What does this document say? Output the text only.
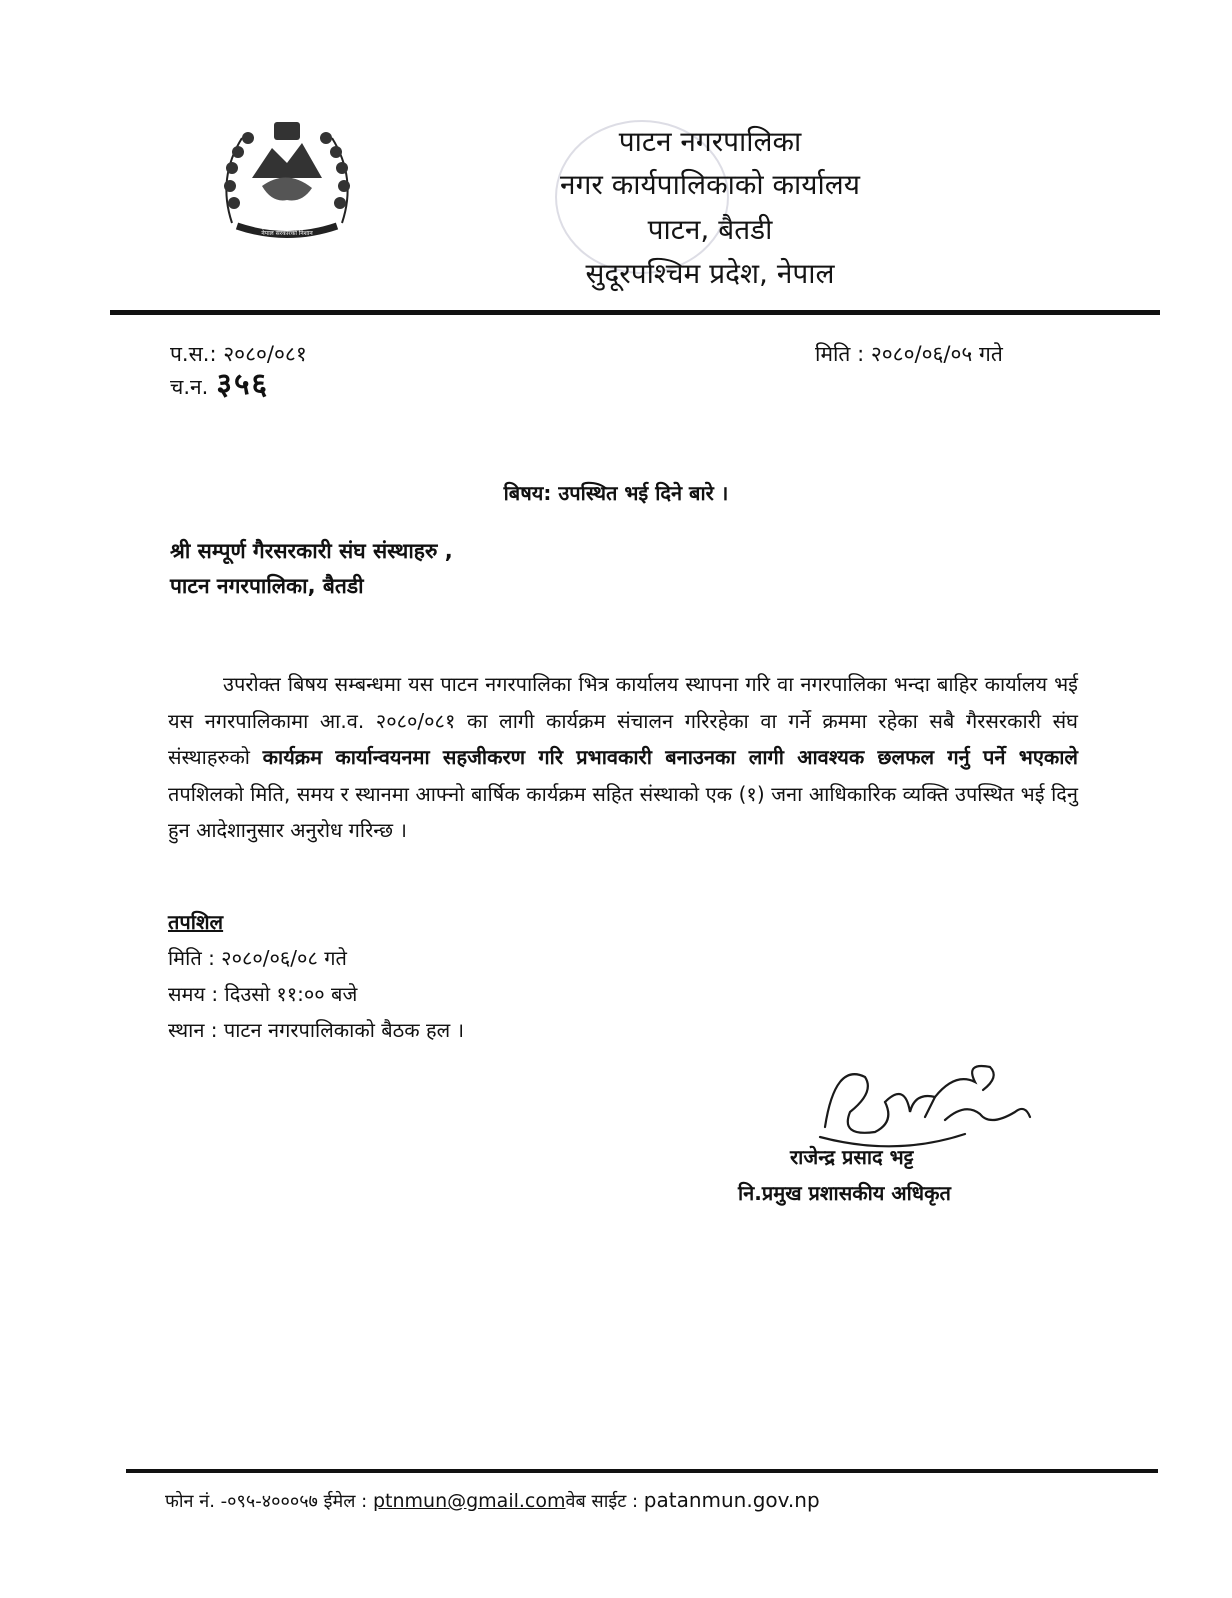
नेपाल सरकारको निशान
पाटन नगरपालिका
नगर कार्यपालिकाको कार्यालय
पाटन, बैतडी
सुदूरपश्चिम प्रदेश, नेपाल
प.स.: २०८०/०८१
च.न. ३५६
मिति : २०८०/०६/०५ गते
बिषय: उपस्थित भई दिने बारे ।
श्री सम्पूर्ण गैरसरकारी संघ संस्थाहरु ,
पाटन नगरपालिका, बैतडी
उपरोक्त बिषय सम्बन्धमा यस पाटन नगरपालिका भित्र कार्यालय स्थापना गरि वा नगरपालिका भन्दा बाहिर कार्यालय भई यस नगरपालिकामा आ.व. २०८०/०८१ का लागी कार्यक्रम संचालन गरिरहेका वा गर्ने क्रममा रहेका सबै गैरसरकारी संघ संस्थाहरुको कार्यक्रम कार्यान्वयनमा सहजीकरण गरि प्रभावकारी बनाउनका लागी आवश्यक छलफल गर्नु पर्ने भएकाले तपशिलको मिति, समय र स्थानमा आफ्नो बार्षिक कार्यक्रम सहित संस्थाको एक (१) जना आधिकारिक व्यक्ति उपस्थित भई दिनु हुन आदेशानुसार अनुरोध गरिन्छ ।
तपशिल
मिति : २०८०/०६/०८ गते
समय : दिउसो ११:०० बजे
स्थान : पाटन नगरपालिकाको बैठक हल ।
राजेन्द्र प्रसाद भट्ट
नि.प्रमुख प्रशासकीय अधिकृत
फोन नं. -०९५-४०००५७ ईमेल : ptnmun@gmail.comवेब साईट : patanmun.gov.np
